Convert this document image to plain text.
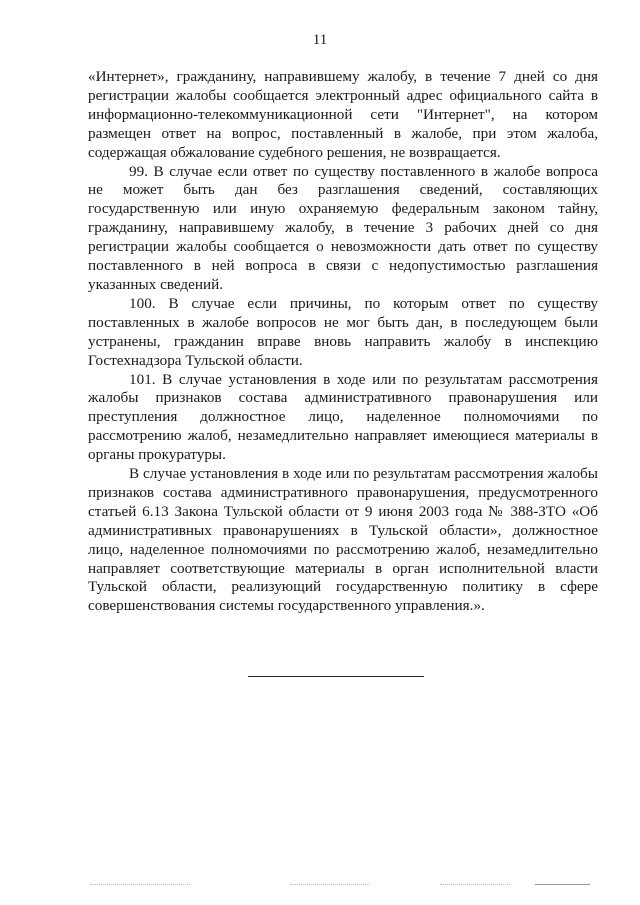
11

«Интернет», гражданину, направившему жалобу, в течение 7 дней со дня регистрации жалобы сообщается электронный адрес официального сайта в информационно-телекоммуникационной сети "Интернет", на котором размещен ответ на вопрос, поставленный в жалобе, при этом жалоба, содержащая обжалование судебного решения, не возвращается.

99. В случае если ответ по существу поставленного в жалобе вопроса не может быть дан без разглашения сведений, составляющих государственную или иную охраняемую федеральным законом тайну, гражданину, направившему жалобу, в течение 3 рабочих дней со дня регистрации жалобы сообщается о невозможности дать ответ по существу поставленного в ней вопроса в связи с недопустимостью разглашения указанных сведений.

100. В случае если причины, по которым ответ по существу поставленных в жалобе вопросов не мог быть дан, в последующем были устранены, гражданин вправе вновь направить жалобу в инспекцию Гостехнадзора Тульской области.

101. В случае установления в ходе или по результатам рассмотрения жалобы признаков состава административного правонарушения или преступления должностное лицо, наделенное полномочиями по рассмотрению жалоб, незамедлительно направляет имеющиеся материалы в органы прокуратуры.

В случае установления в ходе или по результатам рассмотрения жалобы признаков состава административного правонарушения, предусмотренного статьей 6.13 Закона Тульской области от 9 июня 2003 года № 388-ЗТО «Об административных правонарушениях в Тульской области», должностное лицо, наделенное полномочиями по рассмотрению жалоб, незамедлительно направляет соответствующие материалы в орган исполнительной власти Тульской области, реализующий государственную политику в сфере совершенствования системы государственного управления.».
